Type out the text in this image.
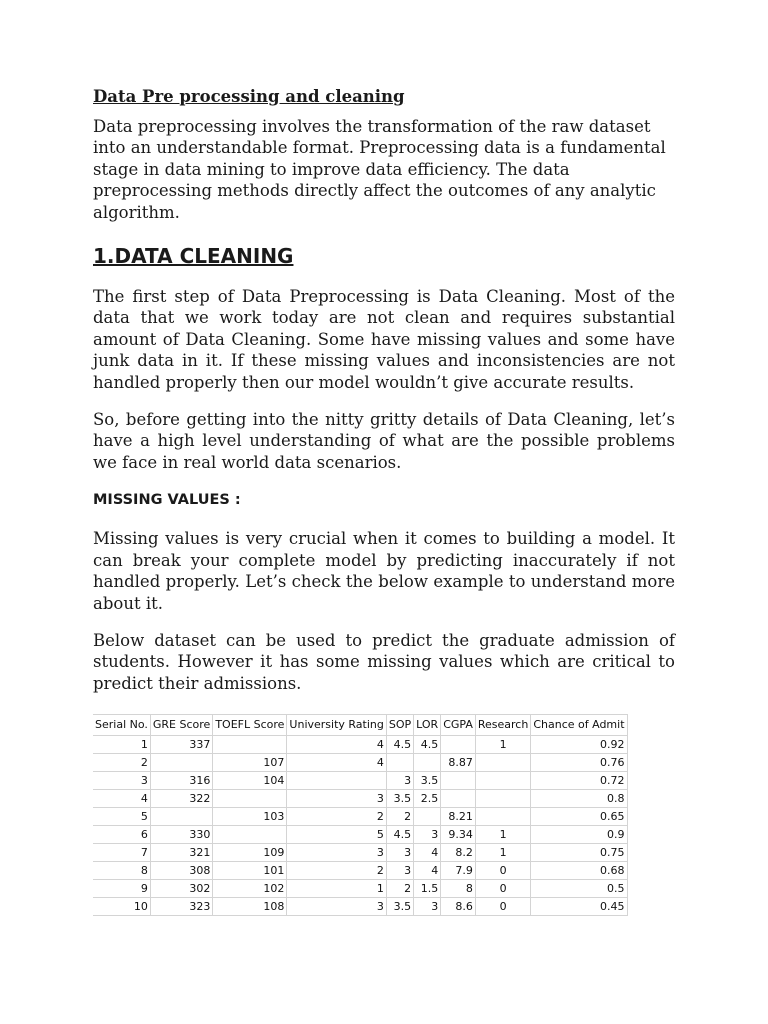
Data Pre processing and cleaning

Data preprocessing involves the transformation of the raw dataset into an understandable format. Preprocessing data is a fundamental stage in data mining to improve data efficiency. The data preprocessing methods directly affect the outcomes of any analytic algorithm.

1.DATA CLEANING

The first step of Data Preprocessing is Data Cleaning. Most of the data that we work today are not clean and requires substantial amount of Data Cleaning. Some have missing values and some have junk data in it. If these missing values and inconsistencies are not handled properly then our model wouldn’t give accurate results.

So, before getting into the nitty gritty details of Data Cleaning, let’s have a high level understanding of what are the possible problems we face in real world data scenarios.

MISSING VALUES :

Missing values is very crucial when it comes to building a model. It can break your complete model by predicting inaccurately if not handled properly. Let’s check the below example to understand more about it.

Below dataset can be used to predict the graduate admission of students. However it has some missing values which are critical to predict their admissions.

Serial No.	GRE Score	TOEFL Score	University Rating	SOP	LOR	CGPA	Research	Chance of Admit
1	337		4	4.5	4.5		1	0.92
2		107	4			8.87		0.76
3	316	104		3	3.5			0.72
4	322		3	3.5	2.5			0.8
5		103	2	2		8.21		0.65
6	330		5	4.5	3	9.34	1	0.9
7	321	109	3	3	4	8.2	1	0.75
8	308	101	2	3	4	7.9	0	0.68
9	302	102	1	2	1.5	8	0	0.5
10	323	108	3	3.5	3	8.6	0	0.45
